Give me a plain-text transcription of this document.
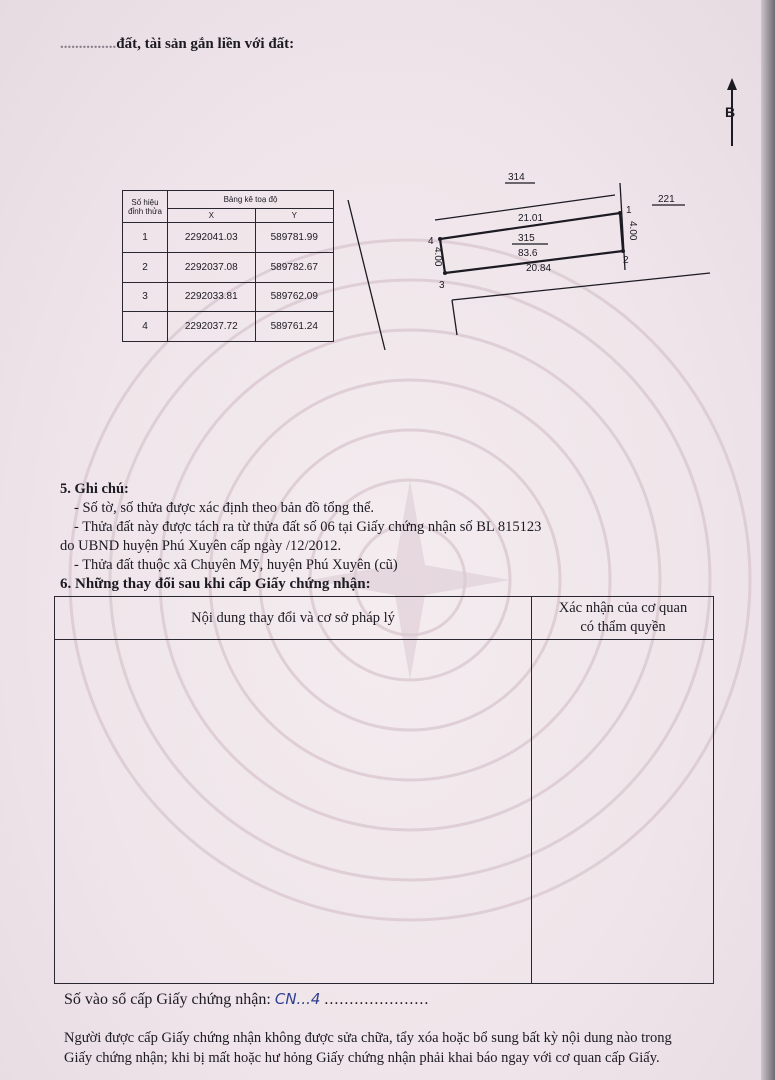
...............đất, tài sản gắn liền với đất:
B
Số hiệu đỉnh thửa	Bảng kê toạ độ	
	X	Y
1	2292041.03	589781.99
2	2292037.08	589782.67
3	2292033.81	589762.09
4	2292037.72	589761.24
314
221
21.01
315
83.6
20.84
1
2
3
4
4.00
4.00
5. Ghi chú:
- Số tờ, số thửa được xác định theo bản đồ tổng thể.
- Thửa đất này được tách ra từ thửa đất số 06 tại Giấy chứng nhận số BL 815123
do UBND huyện Phú Xuyên cấp ngày /12/2012.
- Thửa đất thuộc xã Chuyên Mỹ, huyện Phú Xuyên (cũ)
6. Những thay đổi sau khi cấp Giấy chứng nhận:
Nội dung thay đổi và cơ sở pháp lý
Xác nhận của cơ quan
có thẩm quyền
Số vào sổ cấp Giấy chứng nhận: CN...4 .....................
Người được cấp Giấy chứng nhận không được sửa chữa, tẩy xóa hoặc bổ sung bất kỳ nội dung nào trong
Giấy chứng nhận; khi bị mất hoặc hư hỏng Giấy chứng nhận phải khai báo ngay với cơ quan cấp Giấy.
